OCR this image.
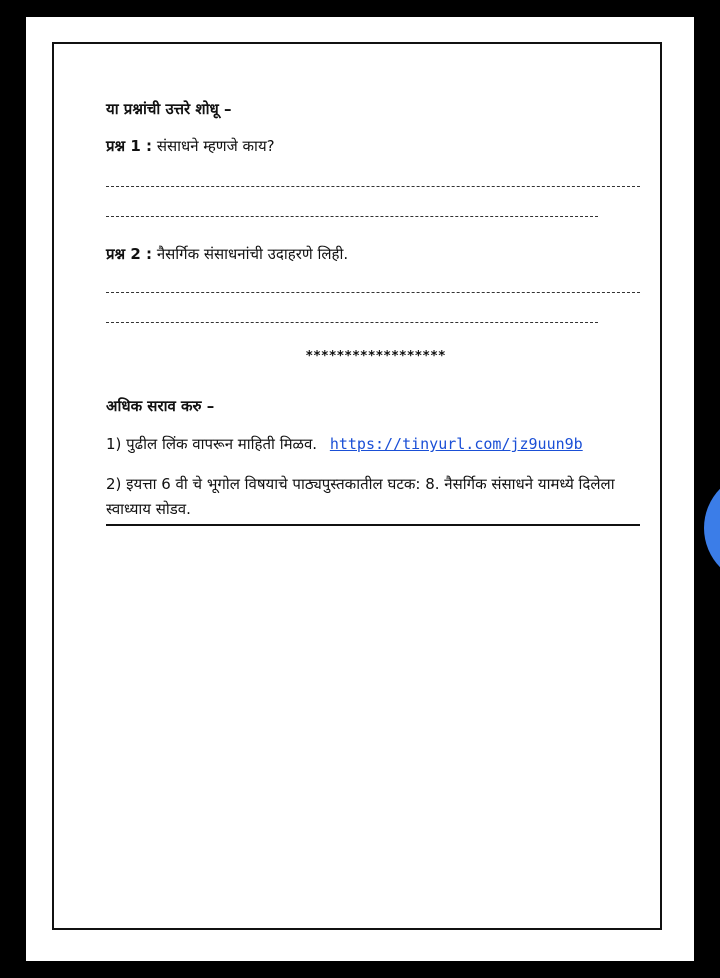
या प्रश्नांची उत्तरे शोधू –
प्रश्न 1 : संसाधने म्हणजे काय?
प्रश्न 2 : नैसर्गिक संसाधनांची उदाहरणे लिही.
******************
अधिक सराव करु –
1) पुढील लिंक वापरून माहिती मिळव. https://tinyurl.com/jz9uun9b
2) इयत्ता 6 वी चे भूगोल विषयाचे पाठ्यपुस्तकातील घटक: 8. नैसर्गिक संसाधने यामध्ये दिलेला स्वाध्याय सोडव.
